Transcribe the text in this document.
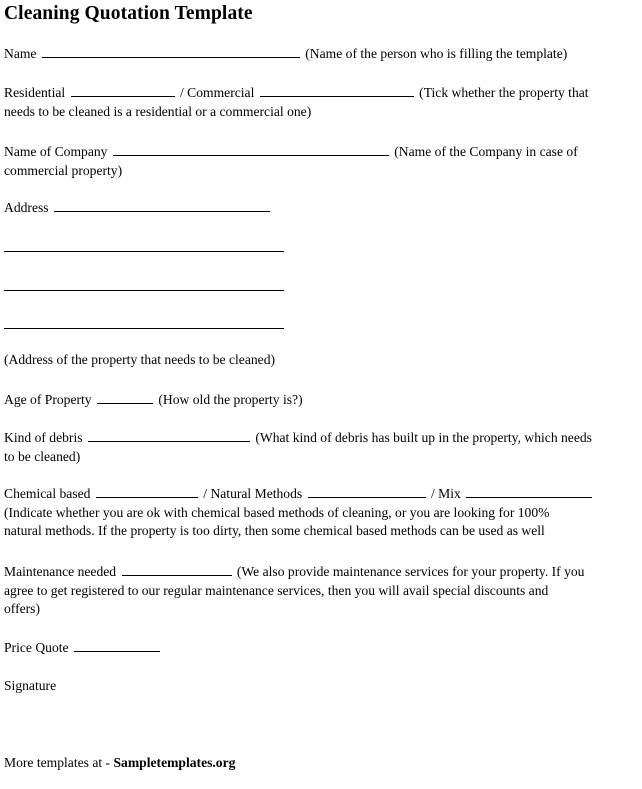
Cleaning Quotation Template
Name	(Name of the person who is filling the template)
Residential	/ Commercial	(Tick whether the property that
needs to be cleaned is a residential or a commercial one)
Name of Company	(Name of the Company in case of
commercial property)
Address
(Address of the property that needs to be cleaned)
Age of Property	(How old the property is?)
Kind of debris	(What kind of debris has built up in the property, which needs
to be cleaned)
Chemical based	/ Natural Methods	/ Mix
(Indicate whether you are ok with chemical based methods of cleaning, or you are looking for 100%
natural methods. If the property is too dirty, then some chemical based methods can be used as well
Maintenance needed	(We also provide maintenance services for your property. If you
agree to get registered to our regular maintenance services, then you will avail special discounts and
offers)
Price Quote
Signature
More templates at - Sampletemplates.org
